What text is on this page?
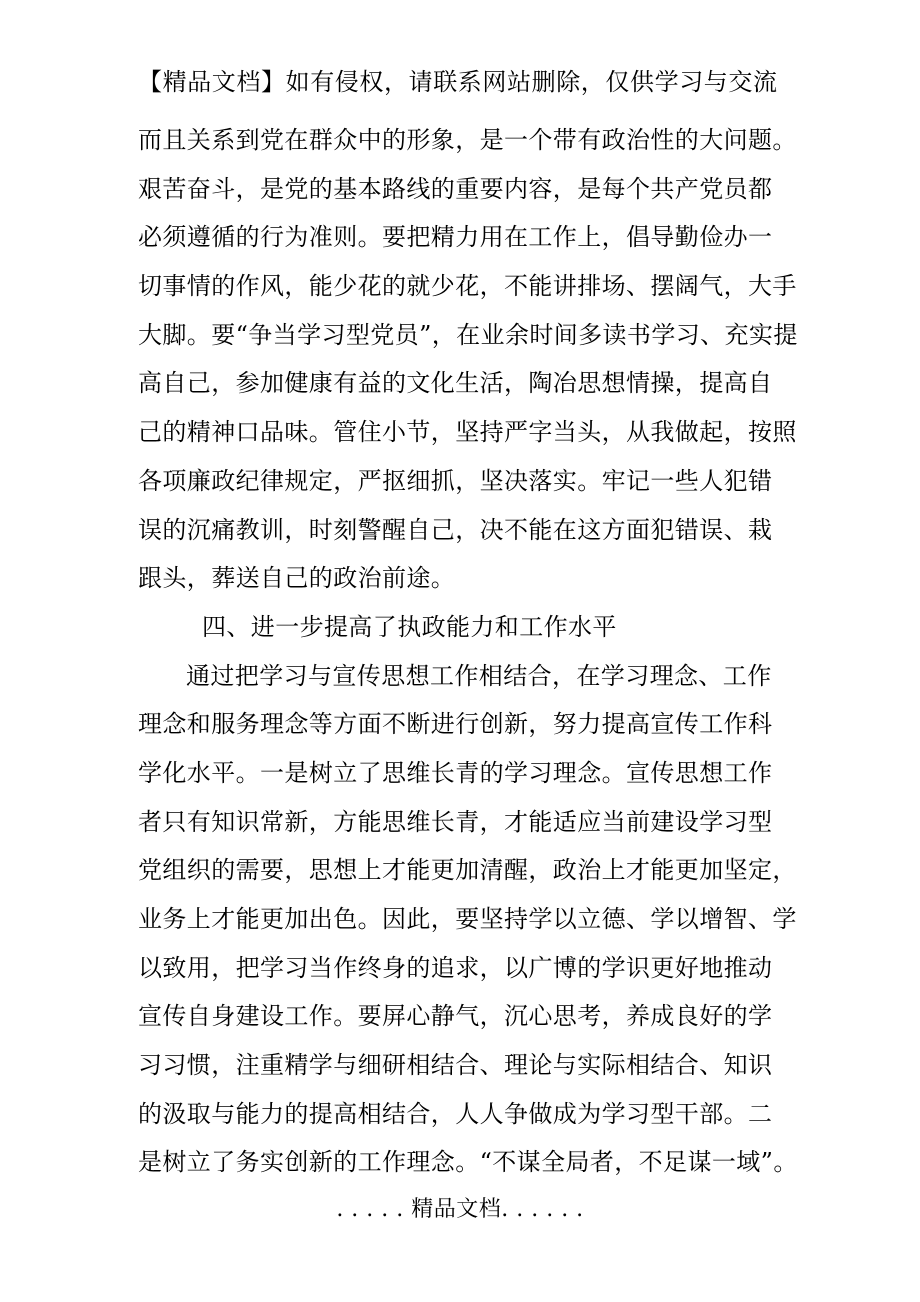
【精品文档】如有侵权，请联系网站删除，仅供学习与交流
而且关系到党在群众中的形象，是一个带有政治性的大问题。
艰苦奋斗，是党的基本路线的重要内容，是每个共产党员都
必须遵循的行为准则。要把精力用在工作上，倡导勤俭办一
切事情的作风，能少花的就少花，不能讲排场、摆阔气，大手
大脚。要“争当学习型党员”，在业余时间多读书学习、充实提
高自己，参加健康有益的文化生活，陶冶思想情操，提高自
己的精神口品味。管住小节，坚持严字当头，从我做起，按照
各项廉政纪律规定，严抠细抓，坚决落实。牢记一些人犯错
误的沉痛教训，时刻警醒自己，决不能在这方面犯错误、栽
跟头，葬送自己的政治前途。
四、进一步提高了执政能力和工作水平
通过把学习与宣传思想工作相结合，在学习理念、工作
理念和服务理念等方面不断进行创新，努力提高宣传工作科
学化水平。一是树立了思维长青的学习理念。宣传思想工作
者只有知识常新，方能思维长青，才能适应当前建设学习型
党组织的需要，思想上才能更加清醒，政治上才能更加坚定，
业务上才能更加出色。因此，要坚持学以立德、学以增智、学
以致用，把学习当作终身的追求，以广博的学识更好地推动
宣传自身建设工作。要屏心静气，沉心思考，养成良好的学
习习惯，注重精学与细研相结合、理论与实际相结合、知识
的汲取与能力的提高相结合，人人争做成为学习型干部。二
是树立了务实创新的工作理念。“不谋全局者，不足谋一域”。
. . . . . 精品文档. . . . . .
